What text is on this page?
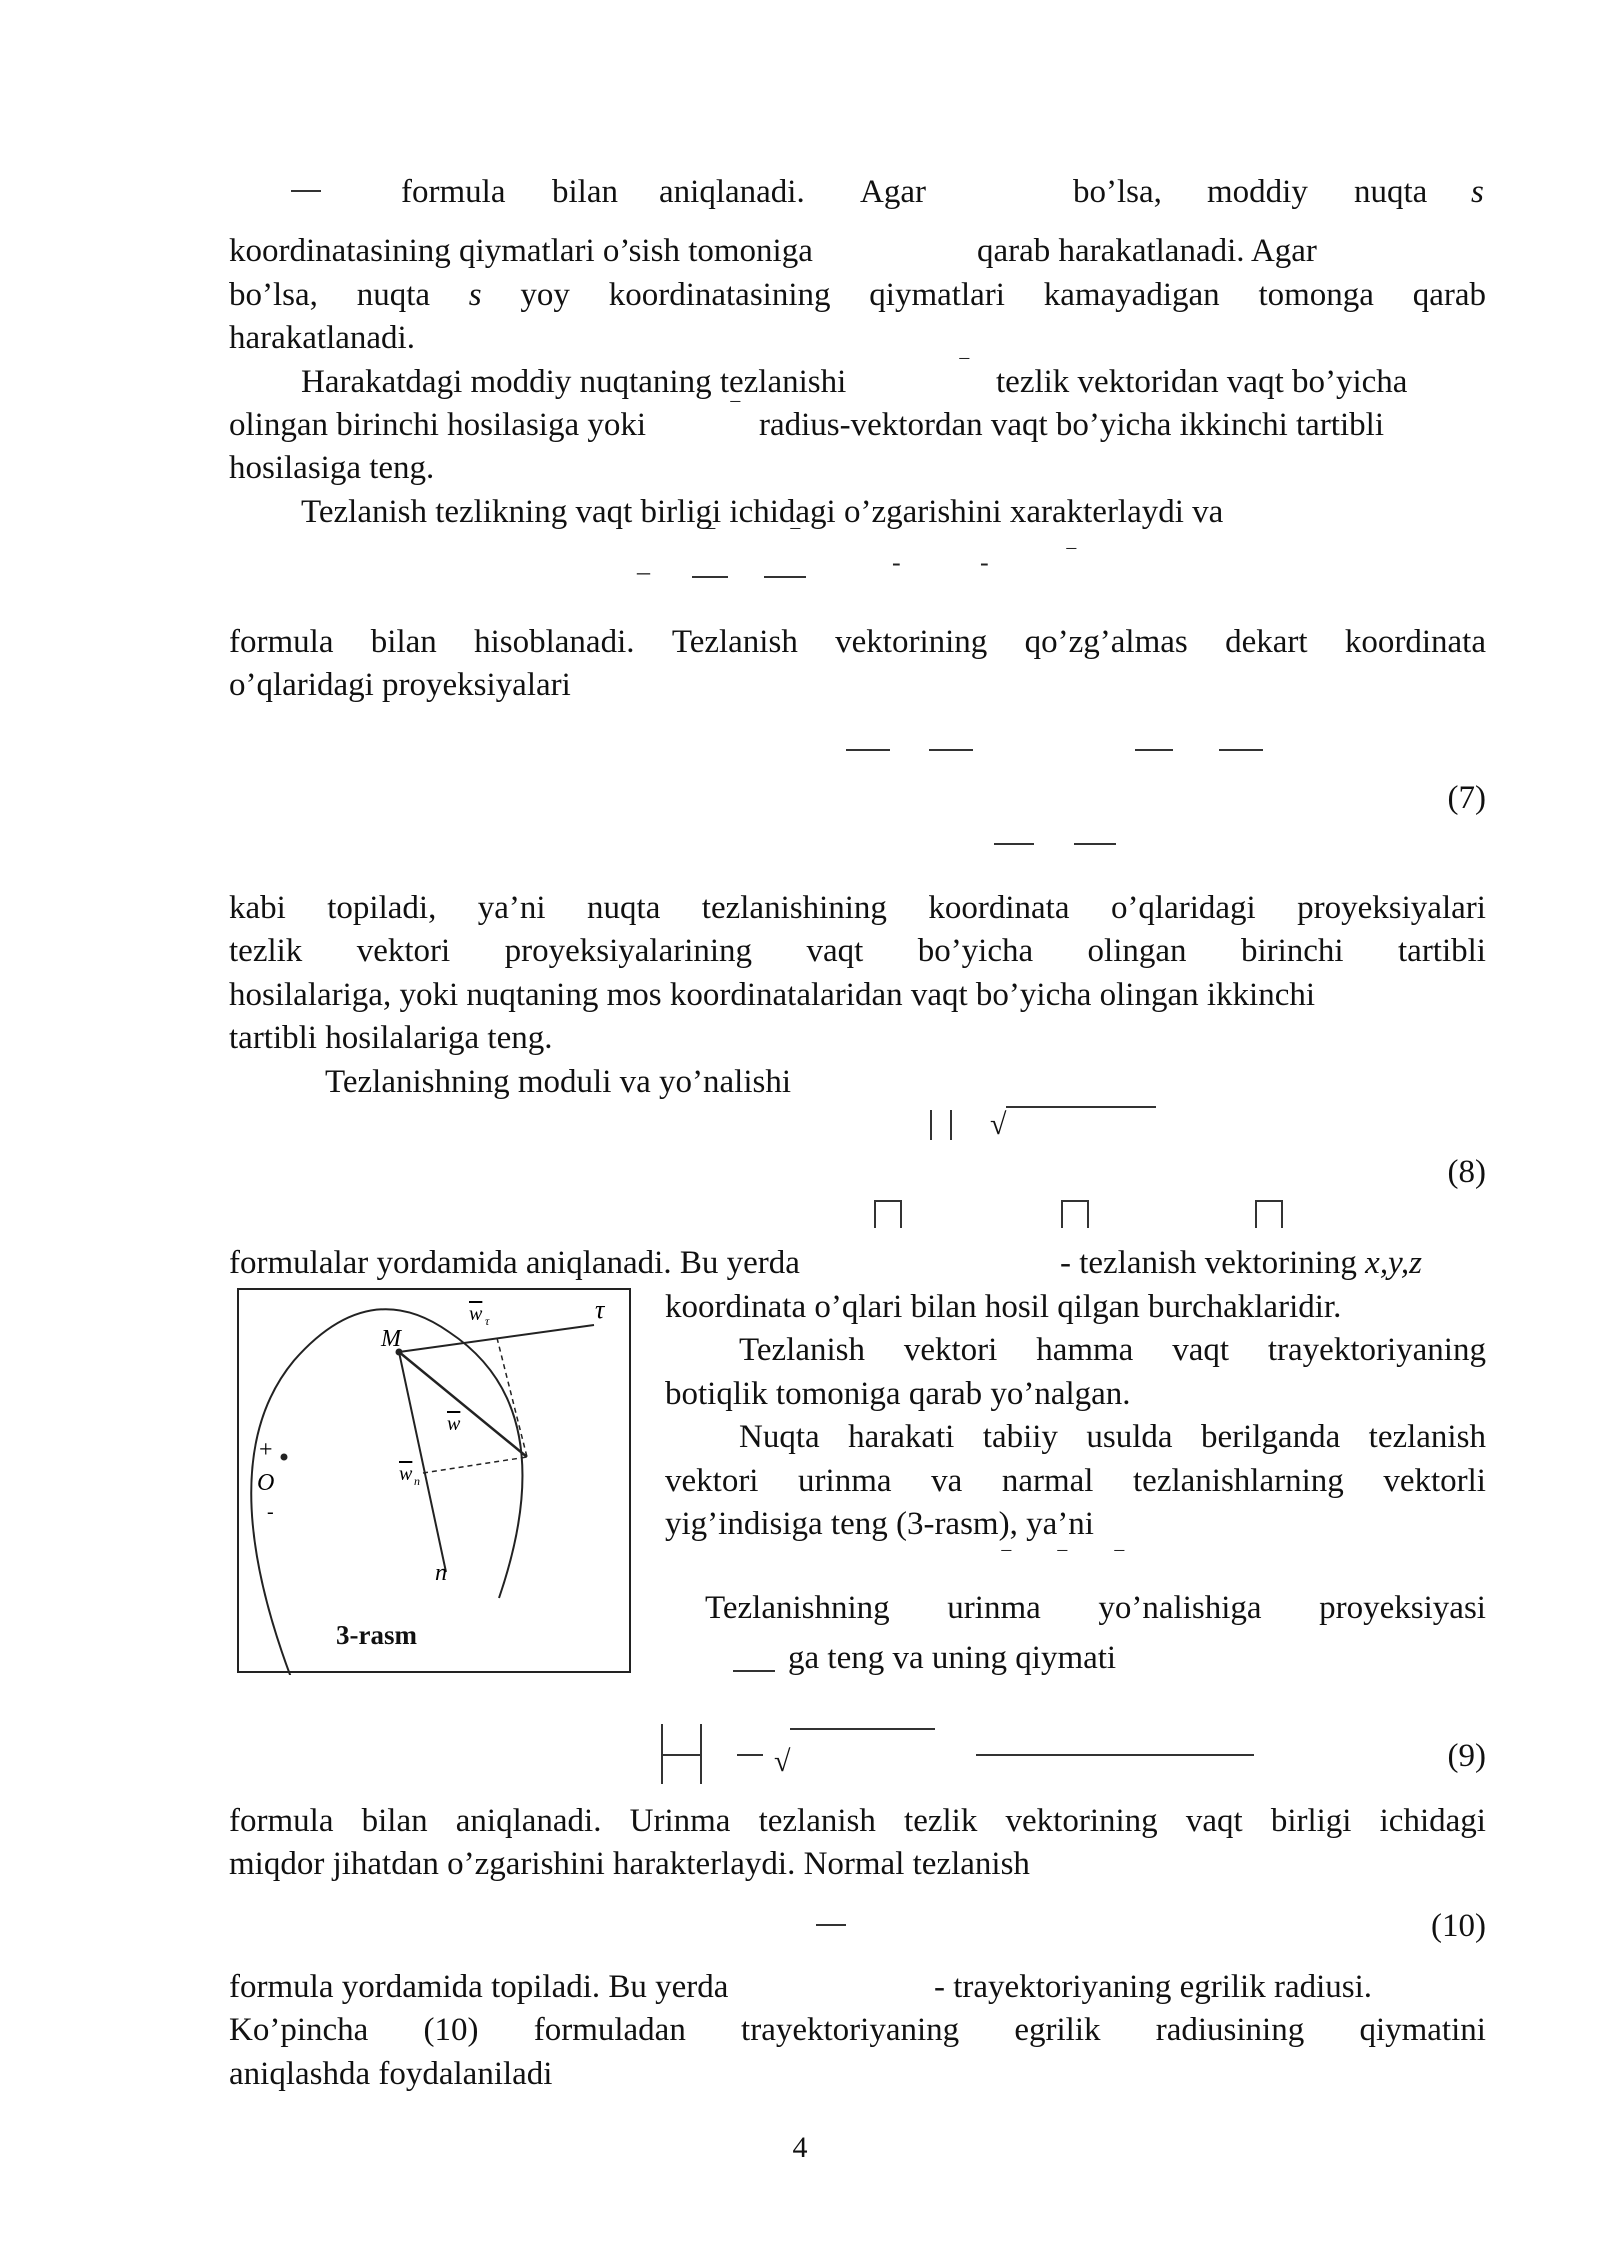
formula bilan aniqlanadi. Agar	bo’lsa, moddiy nuqta s
koordinatasining qiymatlari o’sish tomoniga	qarab harakatlanadi. Agar
bo’lsa, nuqta s yoy koordinatasining qiymatlari kamayadigan tomonga qarab
harakatlanadi.
Harakatdagi moddiy nuqtaning tezlanishi	‾ tezlik vektoridan vaqt bo’yicha
olingan birinchi hosilasiga yoki	‾ radius-vektordan vaqt bo’yicha ikkinchi tartibli
hosilasiga teng.
Tezlanish tezlikning vaqt birligi ichidagi o’zgarishini xarakterlaydi va
_
‾	‾
-	-	‾
formula bilan hisoblanadi. Tezlanish vektorining qo’zg’almas dekart koordinata
o’qlaridagi proyeksiyalari
(7)
kabi topiladi, ya’ni nuqta tezlanishining koordinata o’qlaridagi proyeksiyalari
tezlik vektori proyeksiyalarining vaqt bo’yicha olingan birinchi tartibli
hosilalariga, yoki nuqtaning mos koordinatalaridan vaqt bo’yicha olingan ikkinchi
tartibli hosilalariga teng.
Tezlanishning moduli va yo’nalishi
√
(8)
formulalar yordamida aniqlanadi. Bu yerda	- tezlanish vektorining x,y,z
koordinata o’qlari bilan hosil qilgan burchaklaridir.
Tezlanish vektori hamma vaqt trayektoriyaning
botiqlik tomoniga qarab yo’nalgan.
Nuqta harakati tabiiy usulda berilganda tezlanish
vektori urinma va narmal tezlanishlarning vektorli
yig’indisiga teng (3-rasm), ya’ni
‾ ‾ ‾
Tezlanishning urinma yo’nalishiga proyeksiyasi
ga teng va uning qiymati
M
O
+
-
τ
n
w
w τ
w n
3-rasm
√	(9)
formula bilan aniqlanadi. Urinma tezlanish tezlik vektorining vaqt birligi ichidagi
miqdor jihatdan o’zgarishini harakterlaydi. Normal tezlanish
(10)
formula yordamida topiladi. Bu yerda	- trayektoriyaning egrilik radiusi.
Ko’pincha (10) formuladan trayektoriyaning egrilik radiusining qiymatini
aniqlashda foydalaniladi
4
